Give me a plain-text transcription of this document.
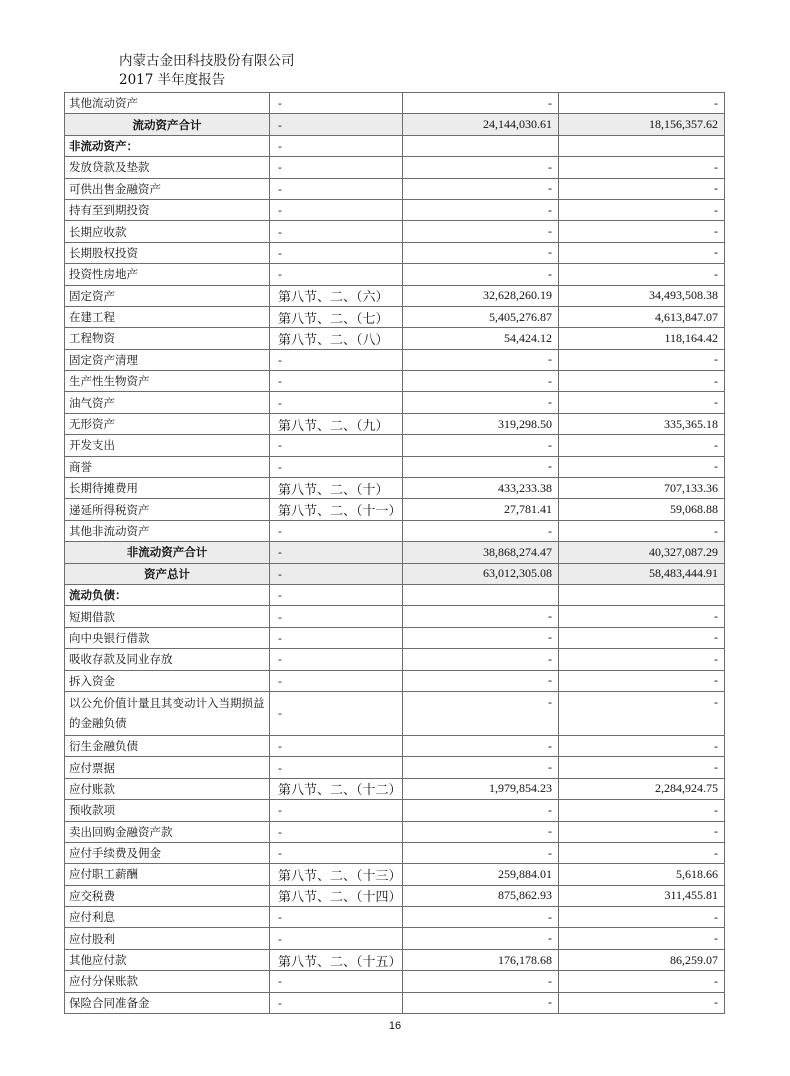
内蒙古金田科技股份有限公司
2017 半年度报告
其他流动资产	-	-	-
流动资产合计	-	24,144,030.61	18,156,357.62
非流动资产：	-		
发放贷款及垫款	-	-	-
可供出售金融资产	-	-	-
持有至到期投资	-	-	-
长期应收款	-	-	-
长期股权投资	-	-	-
投资性房地产	-	-	-
固定资产	第八节、二、（六）	32,628,260.19	34,493,508.38
在建工程	第八节、二、（七）	5,405,276.87	4,613,847.07
工程物资	第八节、二、（八）	54,424.12	118,164.42
固定资产清理	-	-	-
生产性生物资产	-	-	-
油气资产	-	-	-
无形资产	第八节、二、（九）	319,298.50	335,365.18
开发支出	-	-	-
商誉	-	-	-
长期待摊费用	第八节、二、（十）	433,233.38	707,133.36
递延所得税资产	第八节、二、（十一）	27,781.41	59,068.88
其他非流动资产	-	-	-
非流动资产合计	-	38,868,274.47	40,327,087.29
资产总计	-	63,012,305.08	58,483,444.91
流动负债：	-		
短期借款	-	-	-
向中央银行借款	-	-	-
吸收存款及同业存放	-	-	-
拆入资金	-	-	-
以公允价值计量且其变动计入当期损益的金融负债	-	-	-
衍生金融负债	-	-	-
应付票据	-	-	-
应付账款	第八节、二、（十二）	1,979,854.23	2,284,924.75
预收款项	-	-	-
卖出回购金融资产款	-	-	-
应付手续费及佣金	-	-	-
应付职工薪酬	第八节、二、（十三）	259,884.01	5,618.66
应交税费	第八节、二、（十四）	875,862.93	311,455.81
应付利息	-	-	-
应付股利	-	-	-
其他应付款	第八节、二、（十五）	176,178.68	86,259.07
应付分保账款	-	-	-
保险合同准备金	-	-	-
16
